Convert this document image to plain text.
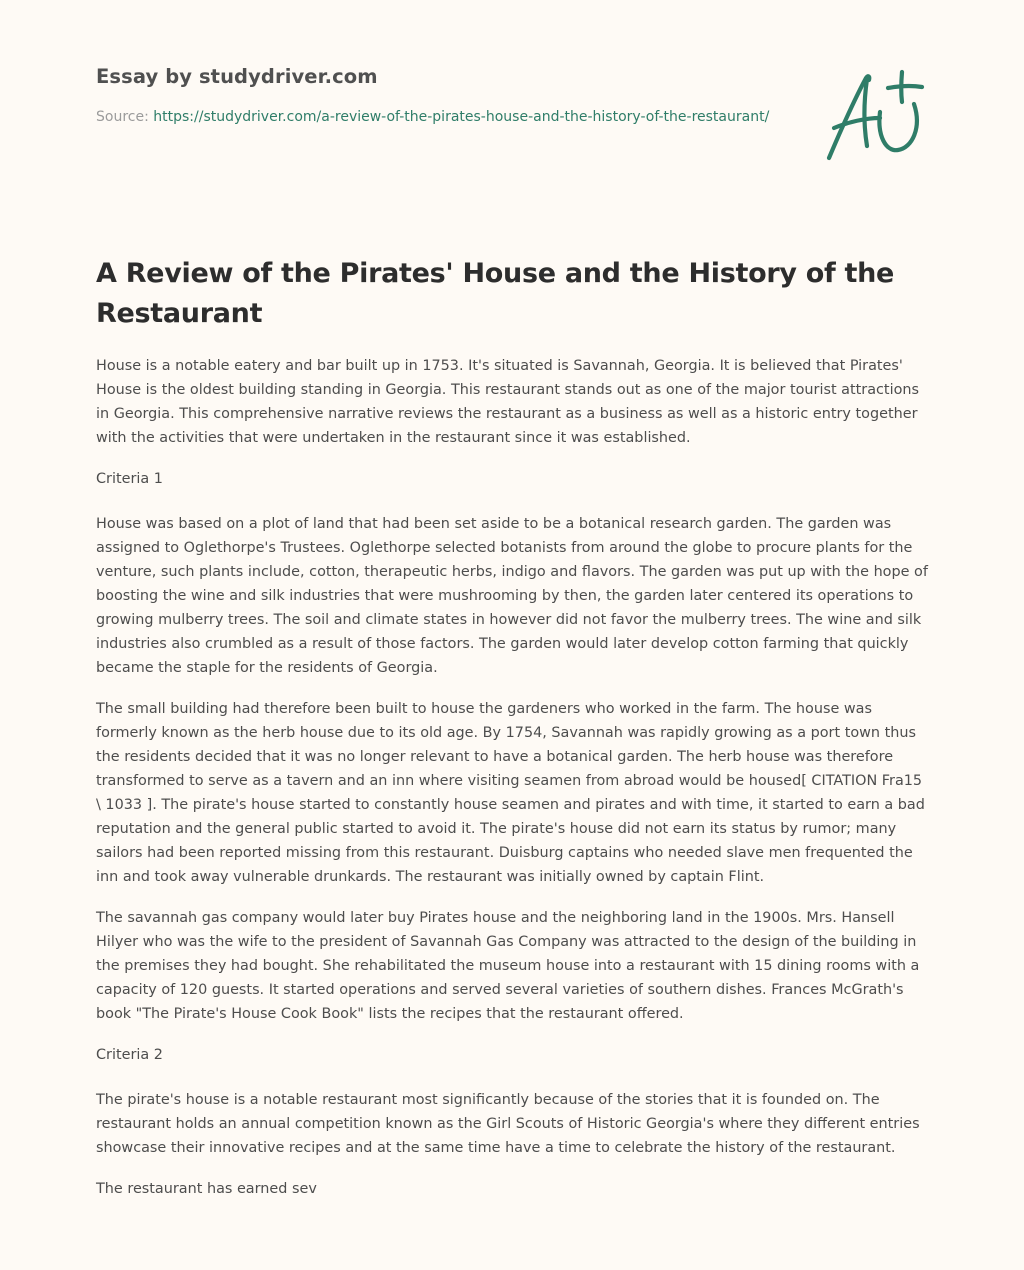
Essay by studydriver.com
Source: https://studydriver.com/a-review-of-the-pirates-house-and-the-history-of-the-restaurant/
A Review of the Pirates' House and the History of the Restaurant

House is a notable eatery and bar built up in 1753. It's situated is Savannah, Georgia. It is believed that Pirates' House is the oldest building standing in Georgia. This restaurant stands out as one of the major tourist attractions in Georgia. This comprehensive narrative reviews the restaurant as a business as well as a historic entry together with the activities that were undertaken in the restaurant since it was established.

Criteria 1

House was based on a plot of land that had been set aside to be a botanical research garden. The garden was assigned to Oglethorpe's Trustees. Oglethorpe selected botanists from around the globe to procure plants for the venture, such plants include, cotton, therapeutic herbs, indigo and flavors. The garden was put up with the hope of boosting the wine and silk industries that were mushrooming by then, the garden later centered its operations to growing mulberry trees. The soil and climate states in however did not favor the mulberry trees. The wine and silk industries also crumbled as a result of those factors. The garden would later develop cotton farming that quickly became the staple for the residents of Georgia.

The small building had therefore been built to house the gardeners who worked in the farm. The house was formerly known as the herb house due to its old age. By 1754, Savannah was rapidly growing as a port town thus the residents decided that it was no longer relevant to have a botanical garden. The herb house was therefore transformed to serve as a tavern and an inn where visiting seamen from abroad would be housed[ CITATION Fra15 \ 1033 ]. The pirate's house started to constantly house seamen and pirates and with time, it started to earn a bad reputation and the general public started to avoid it. The pirate's house did not earn its status by rumor; many sailors had been reported missing from this restaurant. Duisburg captains who needed slave men frequented the inn and took away vulnerable drunkards. The restaurant was initially owned by captain Flint.

The savannah gas company would later buy Pirates house and the neighboring land in the 1900s. Mrs. Hansell Hilyer who was the wife to the president of Savannah Gas Company was attracted to the design of the building in the premises they had bought. She rehabilitated the museum house into a restaurant with 15 dining rooms with a capacity of 120 guests. It started operations and served several varieties of southern dishes. Frances McGrath's book "The Pirate's House Cook Book" lists the recipes that the restaurant offered.

Criteria 2

The pirate's house is a notable restaurant most significantly because of the stories that it is founded on. The restaurant holds an annual competition known as the Girl Scouts of Historic Georgia's where they different entries showcase their innovative recipes and at the same time have a time to celebrate the history of the restaurant.

The restaurant has earned sev
